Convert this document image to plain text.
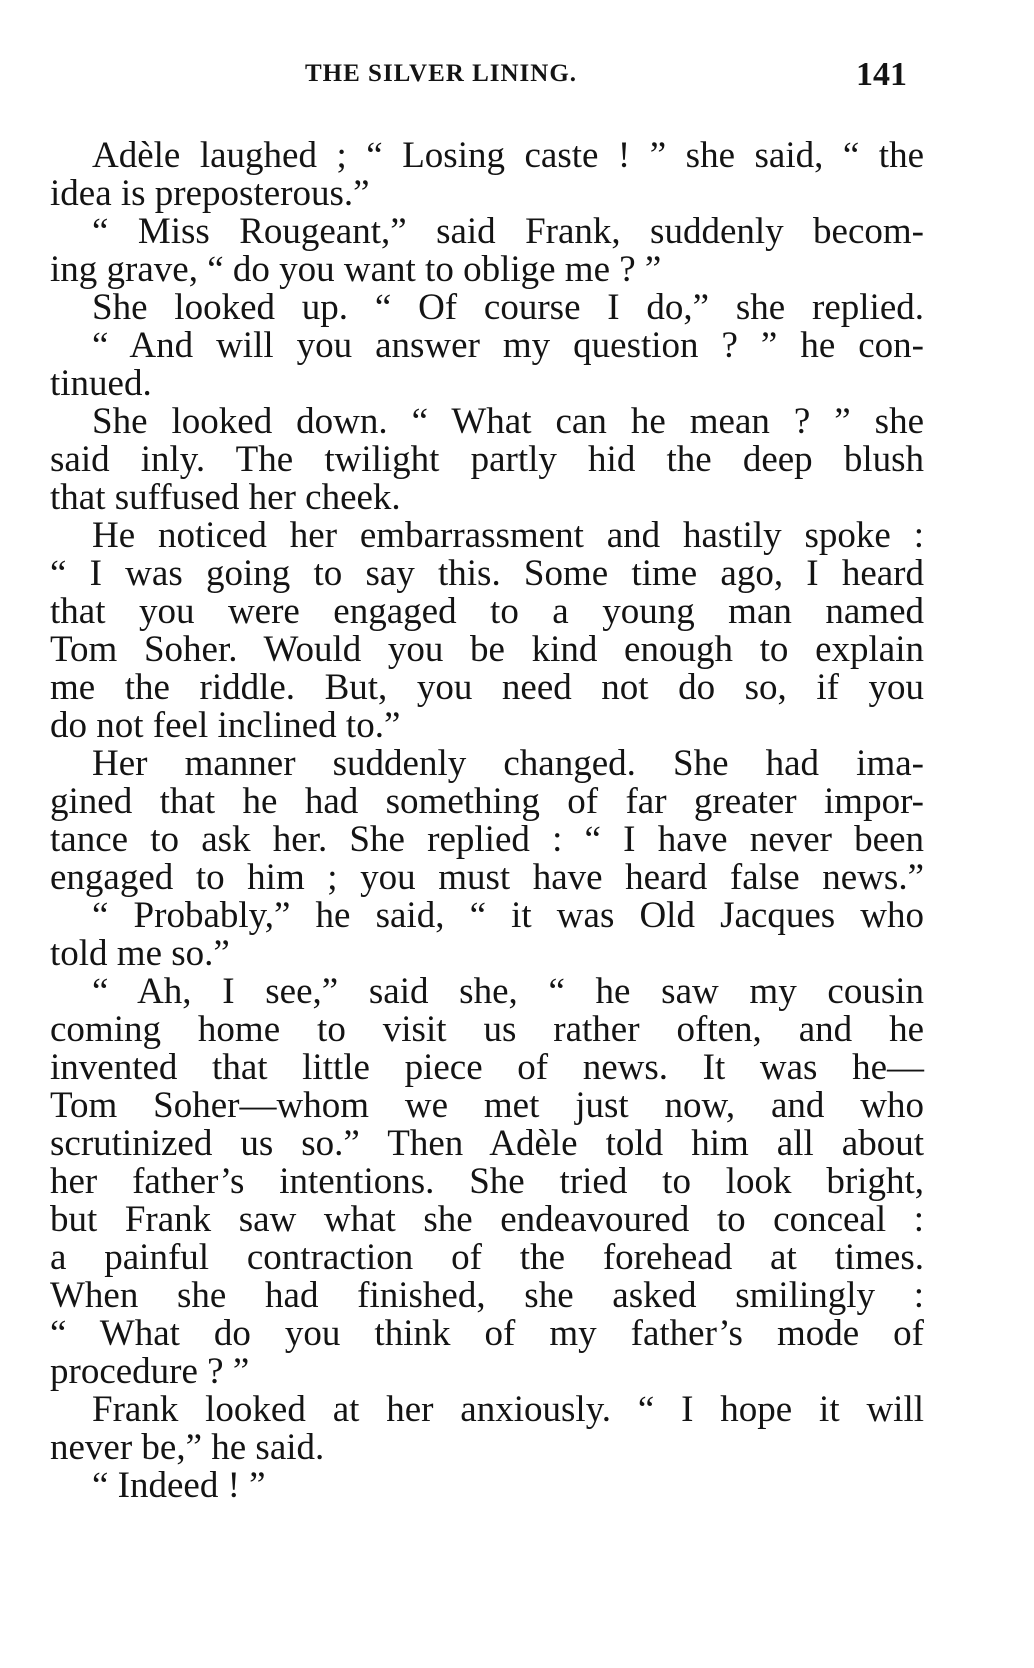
THE SILVER LINING.	141
Adèle laughed ; “ Losing caste ! ” she said, “ the
idea is preposterous.”
“ Miss Rougeant,” said Frank, suddenly becom-
ing grave, “ do you want to oblige me ? ”
She looked up. “ Of course I do,” she replied.
“ And will you answer my question ? ” he con-
tinued.
She looked down. “ What can he mean ? ” she
said inly. The twilight partly hid the deep blush
that suffused her cheek.
He noticed her embarrassment and hastily spoke :
“ I was going to say this. Some time ago, I heard
that you were engaged to a young man named
Tom Soher. Would you be kind enough to explain
me the riddle. But, you need not do so, if you
do not feel inclined to.”
Her manner suddenly changed. She had ima-
gined that he had something of far greater impor-
tance to ask her. She replied : “ I have never been
engaged to him ; you must have heard false news.”
“ Probably,” he said, “ it was Old Jacques who
told me so.”
“ Ah, I see,” said she, “ he saw my cousin
coming home to visit us rather often, and he
invented that little piece of news. It was he—
Tom Soher—whom we met just now, and who
scrutinized us so.” Then Adèle told him all about
her father’s intentions. She tried to look bright,
but Frank saw what she endeavoured to conceal :
a painful contraction of the forehead at times.
When she had finished, she asked smilingly :
“ What do you think of my father’s mode of
procedure ? ”
Frank looked at her anxiously. “ I hope it will
never be,” he said.
“ Indeed ! ”
